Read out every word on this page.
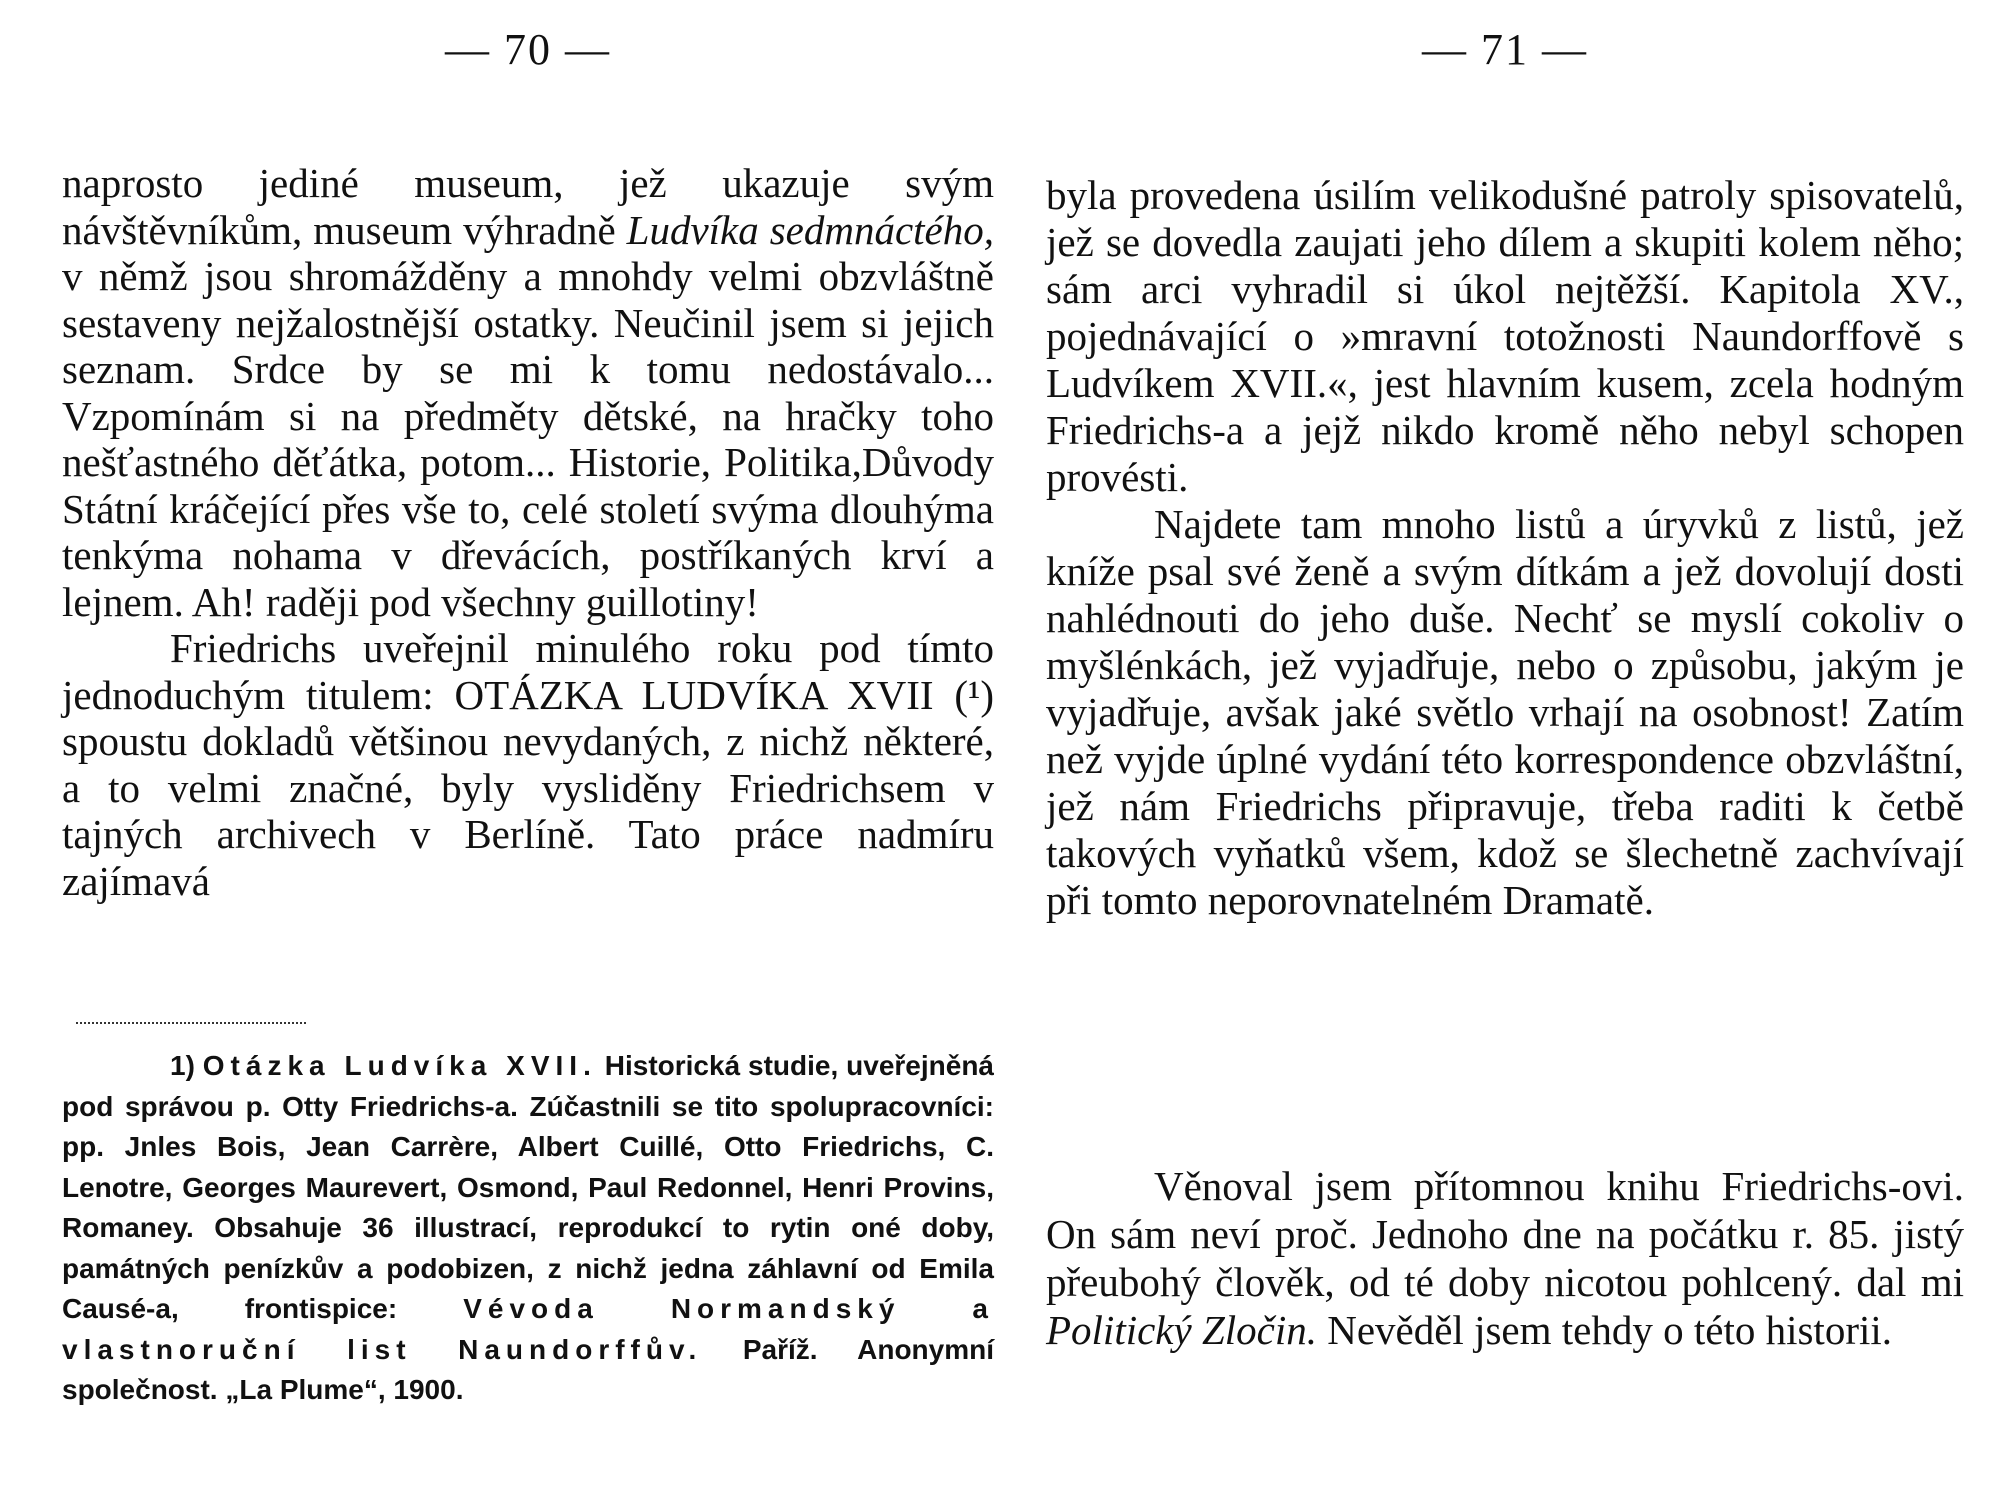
— 70 —

naprosto jediné museum, jež ukazuje svým návštěvníkům, museum výhradně Ludvíka sedmnáctého, v němž jsou shromážděny a mnohdy velmi obzvláštně sestaveny nejžalostnější ostatky. Neučinil jsem si jejich seznam. Srdce by se mi k tomu nedostávalo... Vzpomínám si na předměty dětské, na hračky toho nešťastného děťátka, potom... Historie, Politika,Důvody Státní kráčející přes vše to, celé století svýma dlouhýma tenkýma nohama v dřevácích, postříkaných krví a lejnem. Ah! raději pod všechny guillotiny!

Friedrichs uveřejnil minulého roku pod tímto jednoduchým titulem: OTÁZKA LUDVÍKA XVII (¹) spoustu dokladů většinou nevydaných, z nichž některé, a to velmi značné, byly vysliděny Friedrichsem v tajných archivech v Berlíně. Tato práce nadmíru zajímavá

1) Otázka Ludvíka XVII. Historická studie, uveřejněná pod správou p. Otty Friedrichs-a. Zúčastnili se tito spolupracovníci: pp. Jnles Bois, Jean Carrère, Albert Cuillé, Otto Friedrichs, C. Lenotre, Georges Maurevert, Osmond, Paul Redonnel, Henri Provins, Romaney. Obsahuje 36 illustrací, reprodukcí to rytin oné doby, památných penízkův a podobizen, z nichž jedna záhlavní od Emila Causé-a, frontispice: Vévoda Normandský a vlastnoruční list Naundorffův. Paříž. Anonymní společnost. „La Plume“, 1900.

— 71 —

byla provedena úsilím velikodušné patroly spisovatelů, jež se dovedla zaujati jeho dílem a skupiti kolem něho; sám arci vyhradil si úkol nejtěžší. Kapitola XV., pojednávající o »mravní totožnosti Naundorffově s Ludvíkem XVII.«, jest hlavním kusem, zcela hodným Friedrichs-a a jejž nikdo kromě něho nebyl schopen provésti.

Najdete tam mnoho listů a úryvků z listů, jež kníže psal své ženě a svým dítkám a jež dovolují dosti nahlédnouti do jeho duše. Nechť se myslí cokoliv o myšlénkách, jež vyjadřuje, nebo o způsobu, jakým je vyjadřuje, avšak jaké světlo vrhají na osobnost! Zatím než vyjde úplné vydání této korrespondence obzvláštní, jež nám Friedrichs připravuje, třeba raditi k četbě takových vyňatků všem, kdož se šlechetně zachvívají při tomto neporovnatelném Dramatě.

Věnoval jsem přítomnou knihu Friedrichs-ovi. On sám neví proč. Jednoho dne na počátku r. 85. jistý přeubohý člověk, od té doby nicotou pohlcený. dal mi Politický Zločin. Nevěděl jsem tehdy o této historii.
